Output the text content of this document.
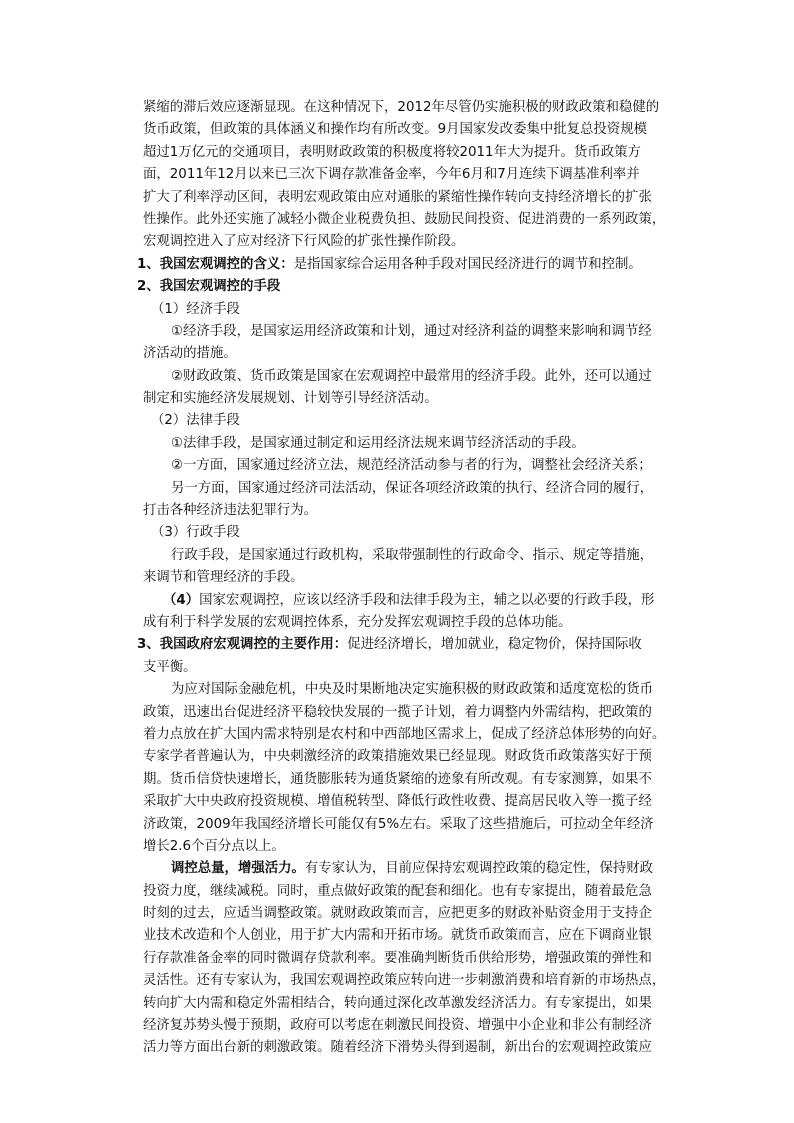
紧缩的滞后效应逐渐显现。在这种情况下，2012年尽管仍实施积极的财政政策和稳健的
货币政策，但政策的具体涵义和操作均有所改变。9月国家发改委集中批复总投资规模
超过1万亿元的交通项目，表明财政政策的积极度将较2011年大为提升。货币政策方
面，2011年12月以来已三次下调存款准备金率，今年6月和7月连续下调基准利率并
扩大了利率浮动区间，表明宏观政策由应对通胀的紧缩性操作转向支持经济增长的扩张
性操作。此外还实施了减轻小微企业税费负担、鼓励民间投资、促进消费的一系列政策，
宏观调控进入了应对经济下行风险的扩张性操作阶段。
1、我国宏观调控的含义：是指国家综合运用各种手段对国民经济进行的调节和控制。
2、我国宏观调控的手段
（1）经济手段
①经济手段，是国家运用经济政策和计划，通过对经济利益的调整来影响和调节经
济活动的措施。
②财政政策、货币政策是国家在宏观调控中最常用的经济手段。此外，还可以通过
制定和实施经济发展规划、计划等引导经济活动。
（2）法律手段
①法律手段，是国家通过制定和运用经济法规来调节经济活动的手段。
②一方面，国家通过经济立法，规范经济活动参与者的行为，调整社会经济关系；
另一方面，国家通过经济司法活动，保证各项经济政策的执行、经济合同的履行，
打击各种经济违法犯罪行为。
（3）行政手段
行政手段，是国家通过行政机构，采取带强制性的行政命令、指示、规定等措施，
来调节和管理经济的手段。
（4）国家宏观调控，应该以经济手段和法律手段为主，辅之以必要的行政手段，形
成有利于科学发展的宏观调控体系，充分发挥宏观调控手段的总体功能。
3、我国政府宏观调控的主要作用：促进经济增长，增加就业，稳定物价，保持国际收
支平衡。
为应对国际金融危机，中央及时果断地决定实施积极的财政政策和适度宽松的货币
政策，迅速出台促进经济平稳较快发展的一揽子计划，着力调整内外需结构，把政策的
着力点放在扩大国内需求特别是农村和中西部地区需求上，促成了经济总体形势的向好。
专家学者普遍认为，中央刺激经济的政策措施效果已经显现。财政货币政策落实好于预
期。货币信贷快速增长，通货膨胀转为通货紧缩的迹象有所改观。有专家测算，如果不
采取扩大中央政府投资规模、增值税转型、降低行政性收费、提高居民收入等一揽子经
济政策，2009年我国经济增长可能仅有5%左右。采取了这些措施后，可拉动全年经济
增长2.6个百分点以上。
调控总量，增强活力。有专家认为，目前应保持宏观调控政策的稳定性，保持财政
投资力度，继续减税。同时，重点做好政策的配套和细化。也有专家提出，随着最危急
时刻的过去，应适当调整政策。就财政政策而言，应把更多的财政补贴资金用于支持企
业技术改造和个人创业，用于扩大内需和开拓市场。就货币政策而言，应在下调商业银
行存款准备金率的同时微调存贷款利率。要准确判断货币供给形势，增强政策的弹性和
灵活性。还有专家认为，我国宏观调控政策应转向进一步刺激消费和培育新的市场热点，
转向扩大内需和稳定外需相结合，转向通过深化改革激发经济活力。有专家提出，如果
经济复苏势头慢于预期，政府可以考虑在刺激民间投资、增强中小企业和非公有制经济
活力等方面出台新的刺激政策。随着经济下滑势头得到遏制，新出台的宏观调控政策应
